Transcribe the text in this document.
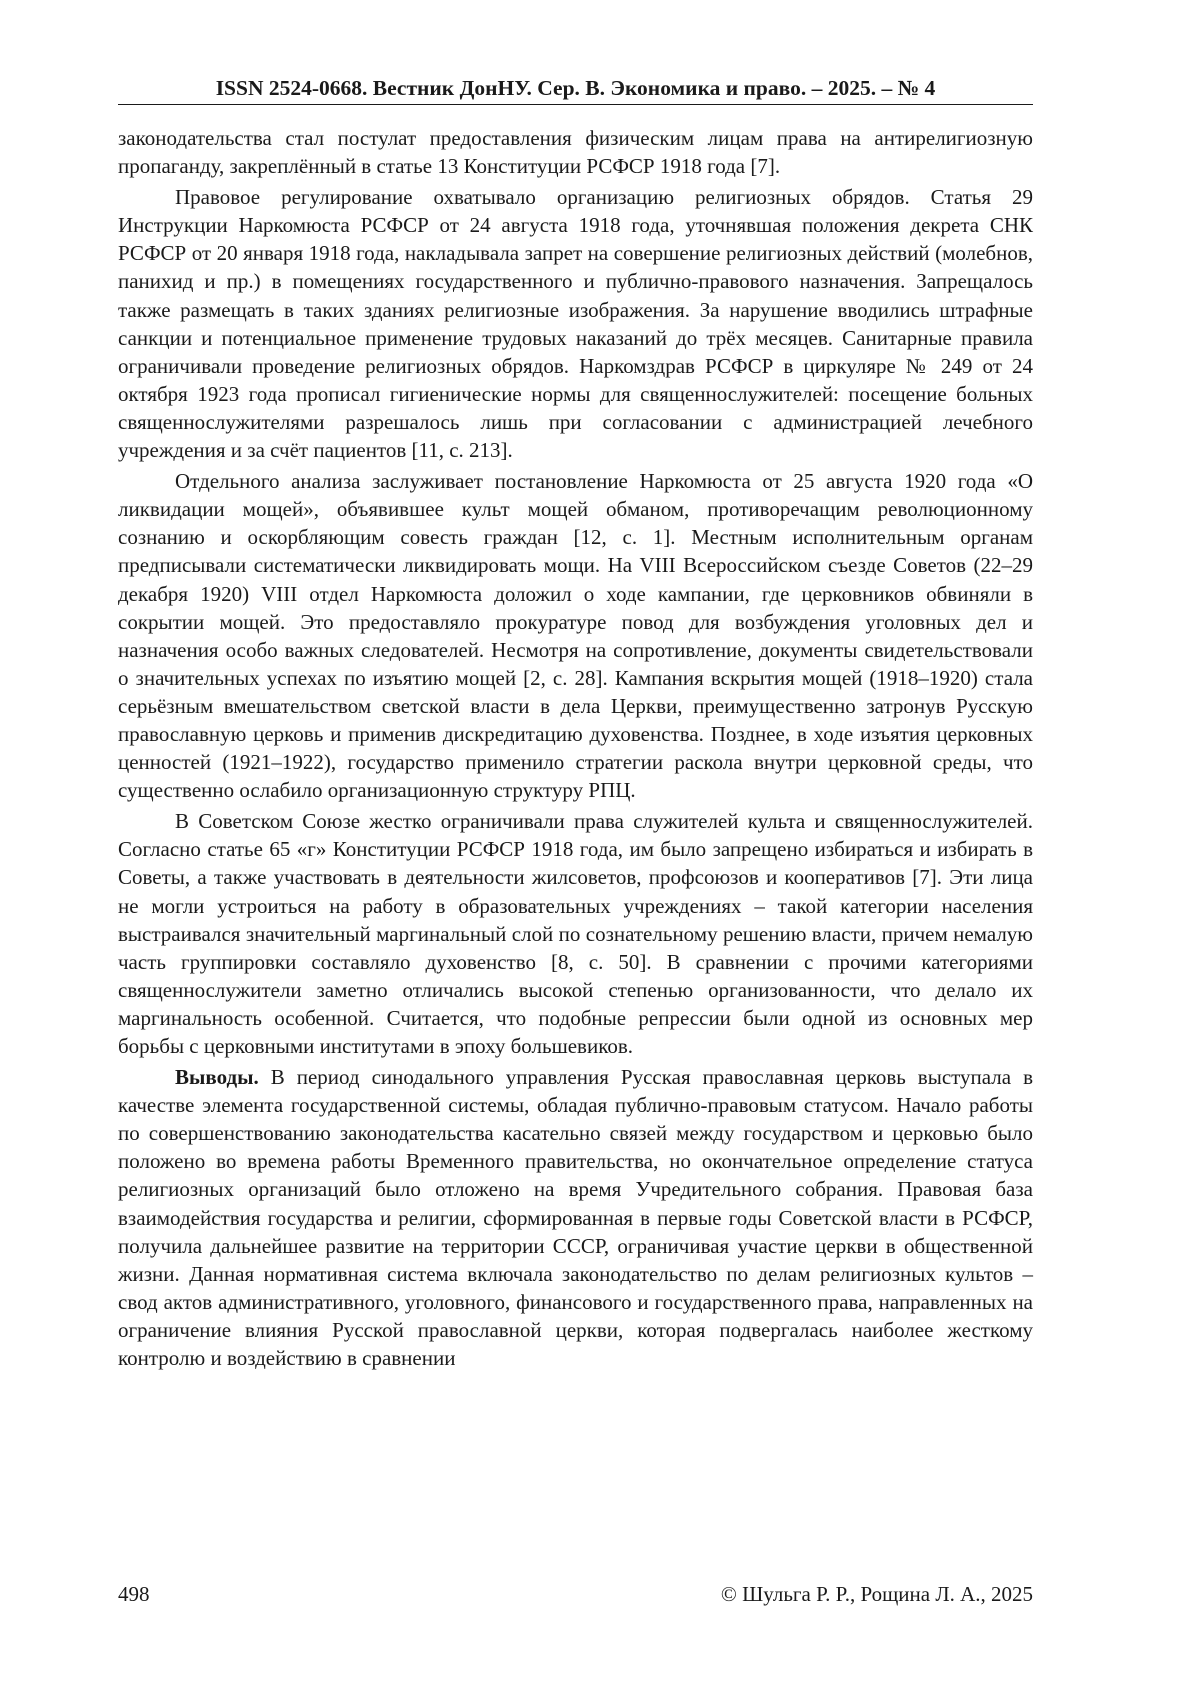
ISSN 2524-0668. Вестник ДонНУ. Сер. В. Экономика и право. – 2025. – № 4

законодательства стал постулат предоставления физическим лицам права на антирелигиозную пропаганду, закреплённый в статье 13 Конституции РСФСР 1918 года [7].

Правовое регулирование охватывало организацию религиозных обрядов. Статья 29 Инструкции Наркомюста РСФСР от 24 августа 1918 года, уточнявшая положения декрета СНК РСФСР от 20 января 1918 года, накладывала запрет на совершение религиозных действий (молебнов, панихид и пр.) в помещениях государственного и публично-правового назначения. Запрещалось также размещать в таких зданиях религиозные изображения. За нарушение вводились штрафные санкции и потенциальное применение трудовых наказаний до трёх месяцев. Санитарные правила ограничивали проведение религиозных обрядов. Наркомздрав РСФСР в циркуляре № 249 от 24 октября 1923 года прописал гигиенические нормы для священнослужителей: посещение больных священнослужителями разрешалось лишь при согласовании с администрацией лечебного учреждения и за счёт пациентов [11, с. 213].

Отдельного анализа заслуживает постановление Наркомюста от 25 августа 1920 года «О ликвидации мощей», объявившее культ мощей обманом, противоречащим революционному сознанию и оскорбляющим совесть граждан [12, с. 1]. Местным исполнительным органам предписывали систематически ликвидировать мощи. На VIII Всероссийском съезде Советов (22–29 декабря 1920) VIII отдел Наркомюста доложил о ходе кампании, где церковников обвиняли в сокрытии мощей. Это предоставляло прокуратуре повод для возбуждения уголовных дел и назначения особо важных следователей. Несмотря на сопротивление, документы свидетельствовали о значительных успехах по изъятию мощей [2, с. 28]. Кампания вскрытия мощей (1918–1920) стала серьёзным вмешательством светской власти в дела Церкви, преимущественно затронув Русскую православную церковь и применив дискредитацию духовенства. Позднее, в ходе изъятия церковных ценностей (1921–1922), государство применило стратегии раскола внутри церковной среды, что существенно ослабило организационную структуру РПЦ.

В Советском Союзе жестко ограничивали права служителей культа и священнослужителей. Согласно статье 65 «г» Конституции РСФСР 1918 года, им было запрещено избираться и избирать в Советы, а также участвовать в деятельности жилсоветов, профсоюзов и кооперативов [7]. Эти лица не могли устроиться на работу в образовательных учреждениях – такой категории населения выстраивался значительный маргинальный слой по сознательному решению власти, причем немалую часть группировки составляло духовенство [8, с. 50]. В сравнении с прочими категориями священнослужители заметно отличались высокой степенью организованности, что делало их маргинальность особенной. Считается, что подобные репрессии были одной из основных мер борьбы с церковными институтами в эпоху большевиков.

Выводы. В период синодального управления Русская православная церковь выступала в качестве элемента государственной системы, обладая публично-правовым статусом. Начало работы по совершенствованию законодательства касательно связей между государством и церковью было положено во времена работы Временного правительства, но окончательное определение статуса религиозных организаций было отложено на время Учредительного собрания. Правовая база взаимодействия государства и религии, сформированная в первые годы Советской власти в РСФСР, получила дальнейшее развитие на территории СССР, ограничивая участие церкви в общественной жизни. Данная нормативная система включала законодательство по делам религиозных культов – свод актов административного, уголовного, финансового и государственного права, направленных на ограничение влияния Русской православной церкви, которая подвергалась наиболее жесткому контролю и воздействию в сравнении

498	© Шульга Р. Р., Рощина Л. А., 2025
